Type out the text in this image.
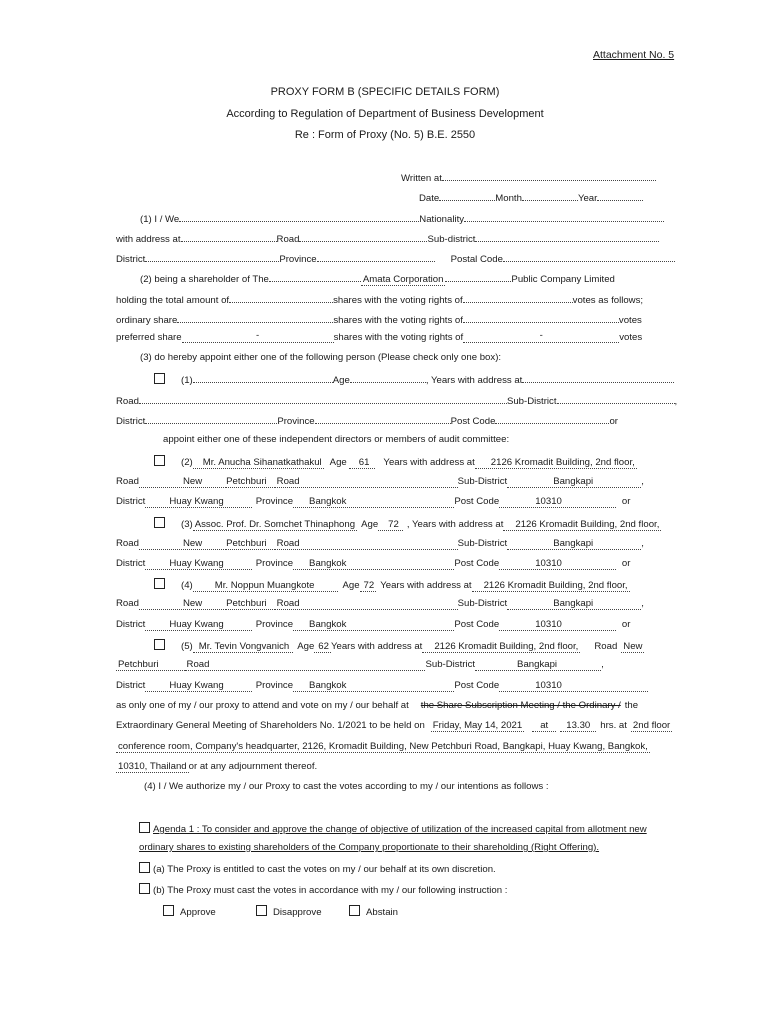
Attachment No. 5
PROXY FORM B (SPECIFIC DETAILS FORM)
According to Regulation of Department of Business Development
Re : Form of Proxy (No. 5) B.E. 2550
Written at
Date	Month	Year
(1) I / We	Nationality
with address at	Road	Sub-district
District	Province	Postal Code
(2) being a shareholder of The	Amata Corporation	Public Company Limited
holding the total amount of	shares with the voting rights of	votes as follows;
ordinary share	shares with the voting rights of	votes
preferred share	-	shares with the voting rights of	-	votes
(3) do hereby appoint either one of the following person (Please check only one box):
(1)	Age	, Years with address at
Road	Sub-District	,
District	Province	Post Code	or
appoint either one of these independent directors or members of audit committee:
(2) Mr. Anucha Sihanatkathakul Age 61 Years with address at 2126 Kromadit Building, 2nd floor,
Road	New	Petchburi Road	Sub-District	Bangkapi	,
District	Huay Kwang	Province Bangkok	Post Code	10310	or
(3) Assoc. Prof. Dr. Somchet Thinaphong Age 72 , Years with address at 2126 Kromadit Building, 2nd floor,
Road	New	Petchburi Road	Sub-District	Bangkapi	,
District	Huay Kwang	Province Bangkok	Post Code	10310	or
(4) Mr. Noppun Muangkote	Age 72 Years with address at 2126 Kromadit Building, 2nd floor,
Road	New	Petchburi Road	Sub-District	Bangkapi	,
District	Huay Kwang	Province Bangkok	Post Code	10310	or
(5) Mr. Tevin Vongvanich Age 62 Years with address at 2126 Kromadit Building, 2nd floor, Road New
Petchburi	Road	Sub-District	Bangkapi	,
District	Huay Kwang	Province Bangkok	Post Code	10310
as only one of my / our proxy to attend and vote on my / our behalf at the Share Subscription Meeting / the Ordinary / the
Extraordinary General Meeting of Shareholders No. 1/2021 to be held on Friday, May 14, 2021 at 13.30 hrs. at 2nd floor
conference room, Company's headquarter, 2126, Kromadit Building, New Petchburi Road, Bangkapi, Huay Kwang, Bangkok,
10310, Thailand or at any adjournment thereof.
(4) I / We authorize my / our Proxy to cast the votes according to my / our intentions as follows :
Agenda 1 : To consider and approve the change of objective of utilization of the increased capital from allotment new
ordinary shares to existing shareholders of the Company proportionate to their shareholding (Right Offering).
(a) The Proxy is entitled to cast the votes on my / our behalf at its own discretion.
(b) The Proxy must cast the votes in accordance with my / our following instruction :
Approve	Disapprove	Abstain
